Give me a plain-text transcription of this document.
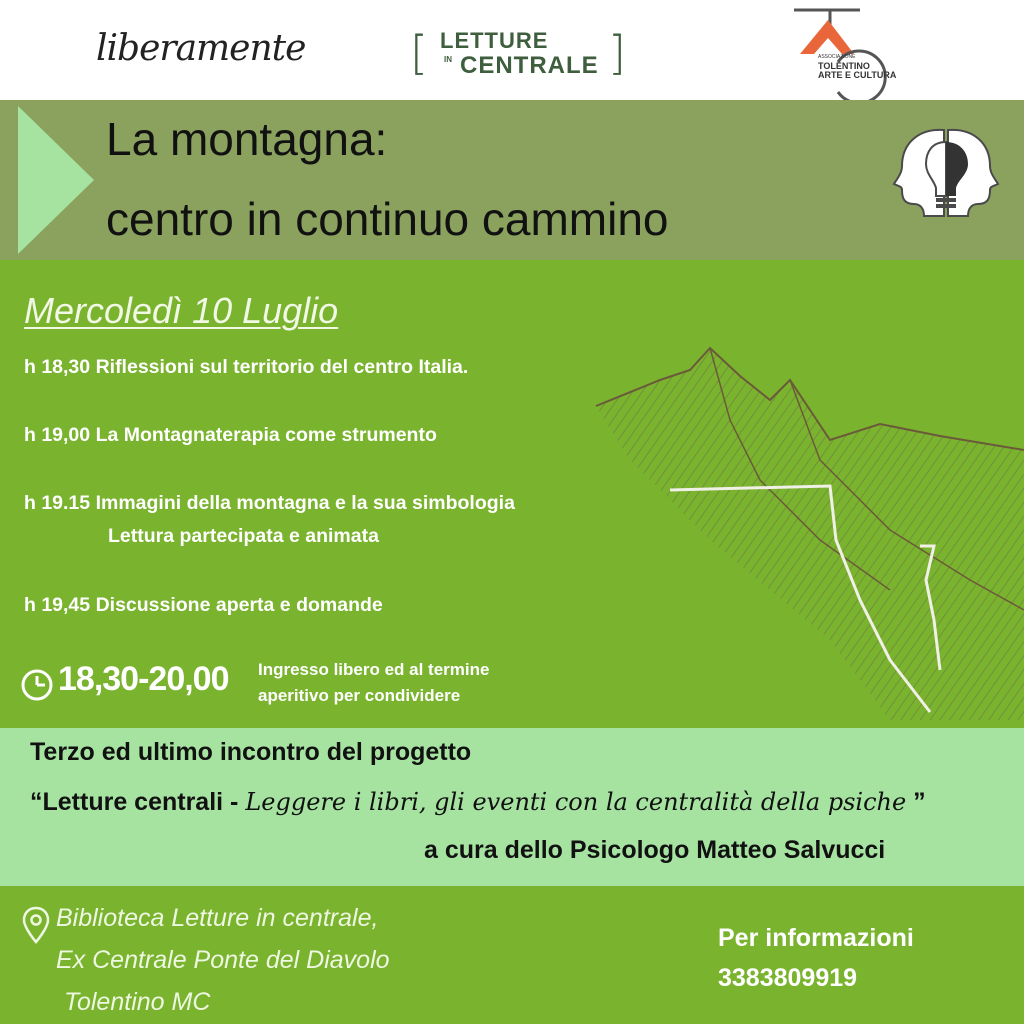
liberamente [ LETTURE
IN CENTRALE ]	ASSOCIAZIONE
TOLENTINO
ARTE E CULTURA
La montagna:
centro in continuo cammino
Mercoledì 10 Luglio
h 18,30 Riflessioni sul territorio del centro Italia.
h 19,00 La Montagnaterapia come strumento
h 19.15 Immagini della montagna e la sua simbologia
Lettura partecipata e animata
h 19,45 Discussione aperta e domande
18,30-20,00 Ingresso libero ed al termine
aperitivo per condividere
Terzo ed ultimo incontro del progetto
“Letture centrali - Leggere i libri, gli eventi con la centralità della psiche ”
a cura dello Psicologo Matteo Salvucci
Biblioteca Letture in centrale,
Ex Centrale Ponte del Diavolo
Tolentino MC
Per informazioni
3383809919
